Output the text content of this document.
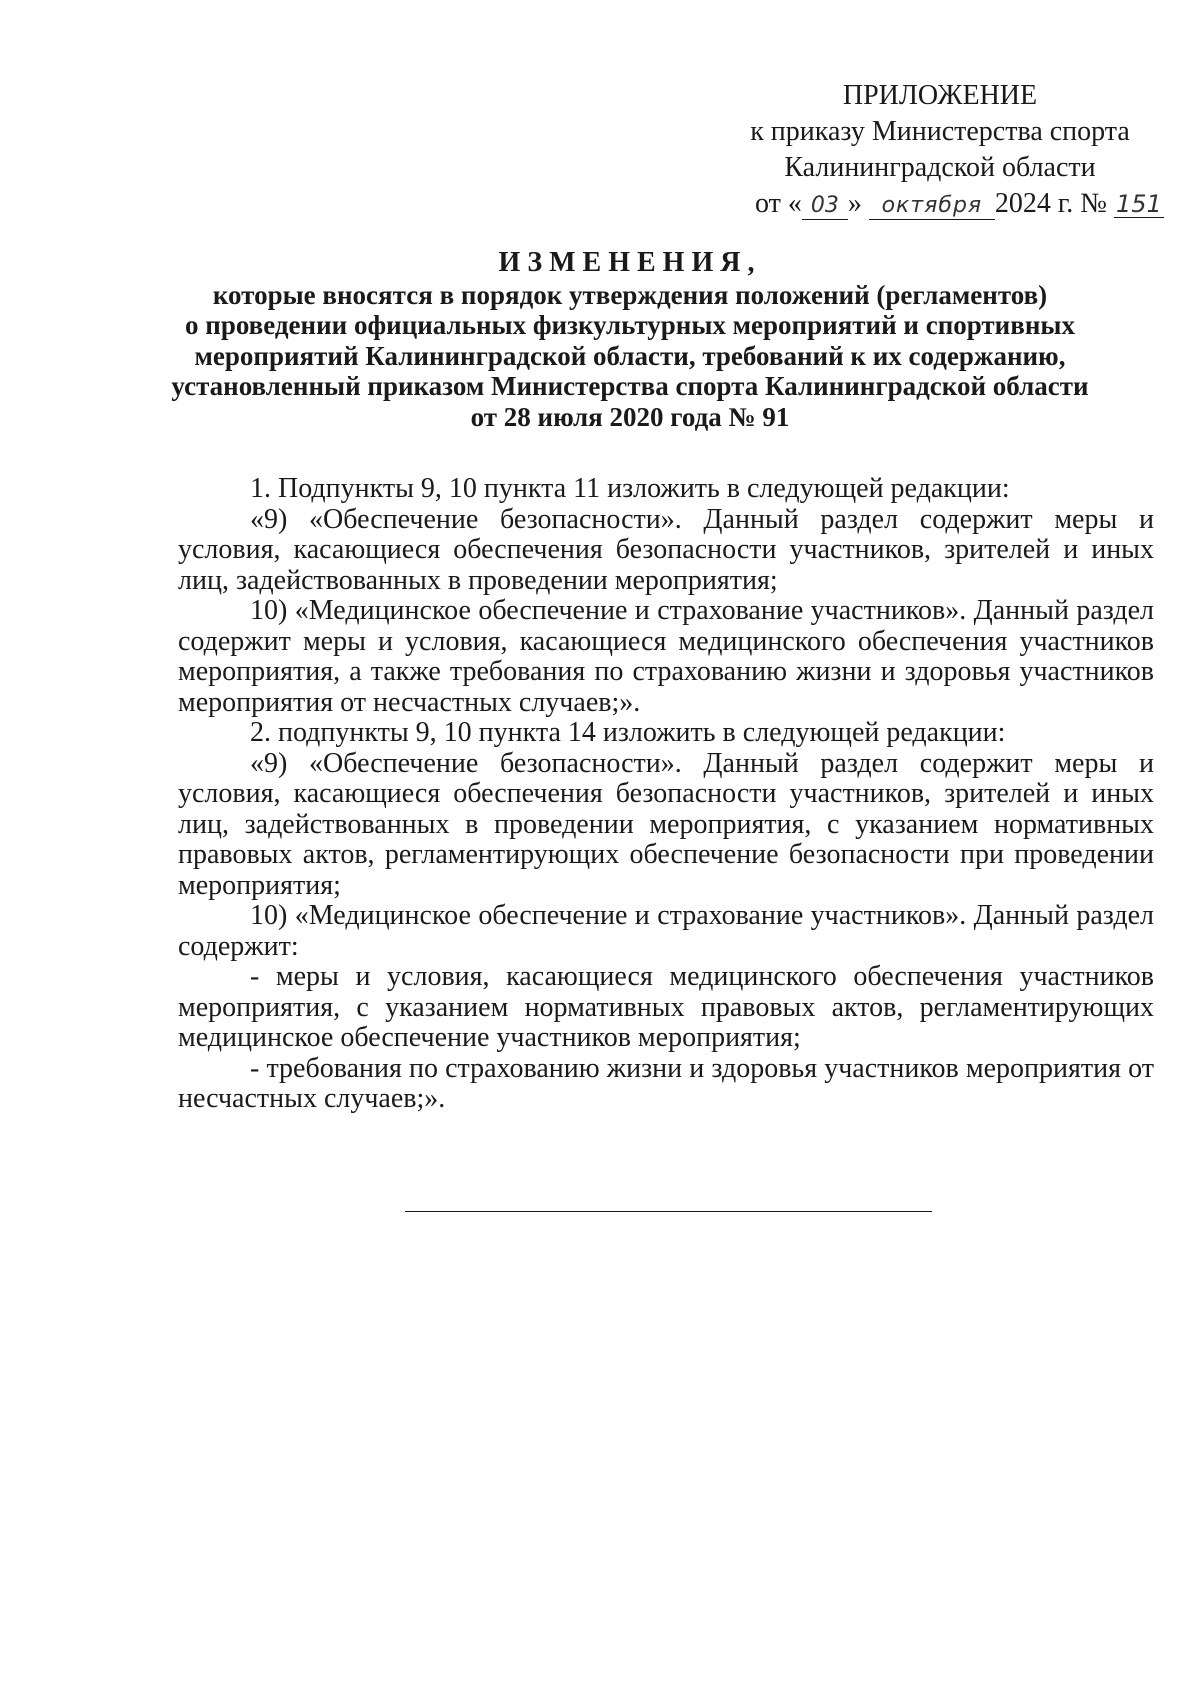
ПРИЛОЖЕНИЕ
к приказу Министерства спорта
Калининградской области
от « 03 » октября 2024 г. № 151
ИЗМЕНЕНИЯ,
которые вносятся в порядок утверждения положений (регламентов)
о проведении официальных физкультурных мероприятий и спортивных
мероприятий Калининградской области, требований к их содержанию,
установленный приказом Министерства спорта Калининградской области
от 28 июля 2020 года № 91

1. Подпункты 9, 10 пункта 11 изложить в следующей редакции:

«9) «Обеспечение безопасности». Данный раздел содержит меры и условия, касающиеся обеспечения безопасности участников, зрителей и иных лиц, задействованных в проведении мероприятия;

10) «Медицинское обеспечение и страхование участников». Данный раздел содержит меры и условия, касающиеся медицинского обеспечения участников мероприятия, а также требования по страхованию жизни и здоровья участников мероприятия от несчастных случаев;».

2. подпункты 9, 10 пункта 14 изложить в следующей редакции:

«9) «Обеспечение безопасности». Данный раздел содержит меры и условия, касающиеся обеспечения безопасности участников, зрителей и иных лиц, задействованных в проведении мероприятия, с указанием нормативных правовых актов, регламентирующих обеспечение безопасности при проведении мероприятия;

10) «Медицинское обеспечение и страхование участников». Данный раздел содержит:

- меры и условия, касающиеся медицинского обеспечения участников мероприятия, с указанием нормативных правовых актов, регламентирующих медицинское обеспечение участников мероприятия;

- требования по страхованию жизни и здоровья участников мероприятия от несчастных случаев;».
